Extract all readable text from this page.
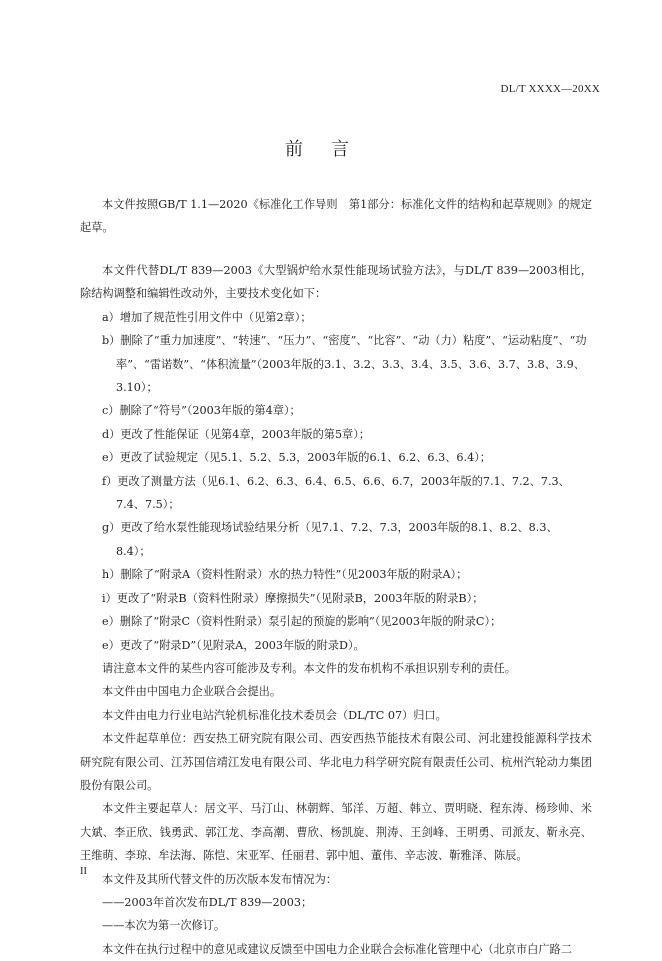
DL/T XXXX—20XX
前言

本文件按照GB/T 1.1—2020《标准化工作导则　第1部分：标准化文件的结构和起草规则》的规定起草。

本文件代替DL/T 839—2003《大型锅炉给水泵性能现场试验方法》，与DL/T 839—2003相比，除结构调整和编辑性改动外，主要技术变化如下：

a）增加了规范性引用文件中（见第2章）；
b）删除了“重力加速度”、“转速”、“压力”、“密度”、“比容”、“动（力）粘度”、“运动粘度”、“功率”、“雷诺数”、“体积流量”（2003年版的3.1、3.2、3.3、3.4、3.5、3.6、3.7、3.8、3.9、3.10）；
c）删除了“符号”（2003年版的第4章）；
d）更改了性能保证（见第4章，2003年版的第5章）；
e）更改了试验规定（见5.1、5.2、5.3，2003年版的6.1、6.2、6.3、6.4）；
f）更改了测量方法（见6.1、6.2、6.3、6.4、6.5、6.6、6.7，2003年版的7.1、7.2、7.3、7.4、7.5）；
g）更改了给水泵性能现场试验结果分析（见7.1、7.2、7.3，2003年版的8.1、8.2、8.3、8.4）；
h）删除了“附录A（资料性附录）水的热力特性”（见2003年版的附录A）；
i）更改了“附录B（资料性附录）摩擦损失”（见附录B，2003年版的附录B）；
e）删除了“附录C（资料性附录）泵引起的预旋的影响”（见2003年版的附录C）；
e）更改了“附录D”（见附录A，2003年版的附录D）。

请注意本文件的某些内容可能涉及专利。本文件的发布机构不承担识别专利的责任。

本文件由中国电力企业联合会提出。

本文件由电力行业电站汽轮机标准化技术委员会（DL/TC 07）归口。

本文件起草单位：西安热工研究院有限公司、西安西热节能技术有限公司、河北建投能源科学技术研究院有限公司、江苏国信靖江发电有限公司、华北电力科学研究院有限责任公司、杭州汽轮动力集团股份有限公司。

本文件主要起草人：居文平、马汀山、林朝辉、邹洋、万超、韩立、贾明晓、程东涛、杨珍帅、米大斌、李正欣、钱勇武、郭江龙、李高潮、曹欣、杨凯旋、荆涛、王剑峰、王明勇、司派友、靳永亮、王维萌、李琼、牟法海、陈恺、宋亚军、任丽君、郭中旭、董伟、辛志波、靳雅泽、陈辰。

本文件及其所代替文件的历次版本发布情况为：

——2003年首次发布DL/T 839—2003；
——本次为第一次修订。

本文件在执行过程中的意见或建议反馈至中国电力企业联合会标准化管理中心（北京市白广路二

II
